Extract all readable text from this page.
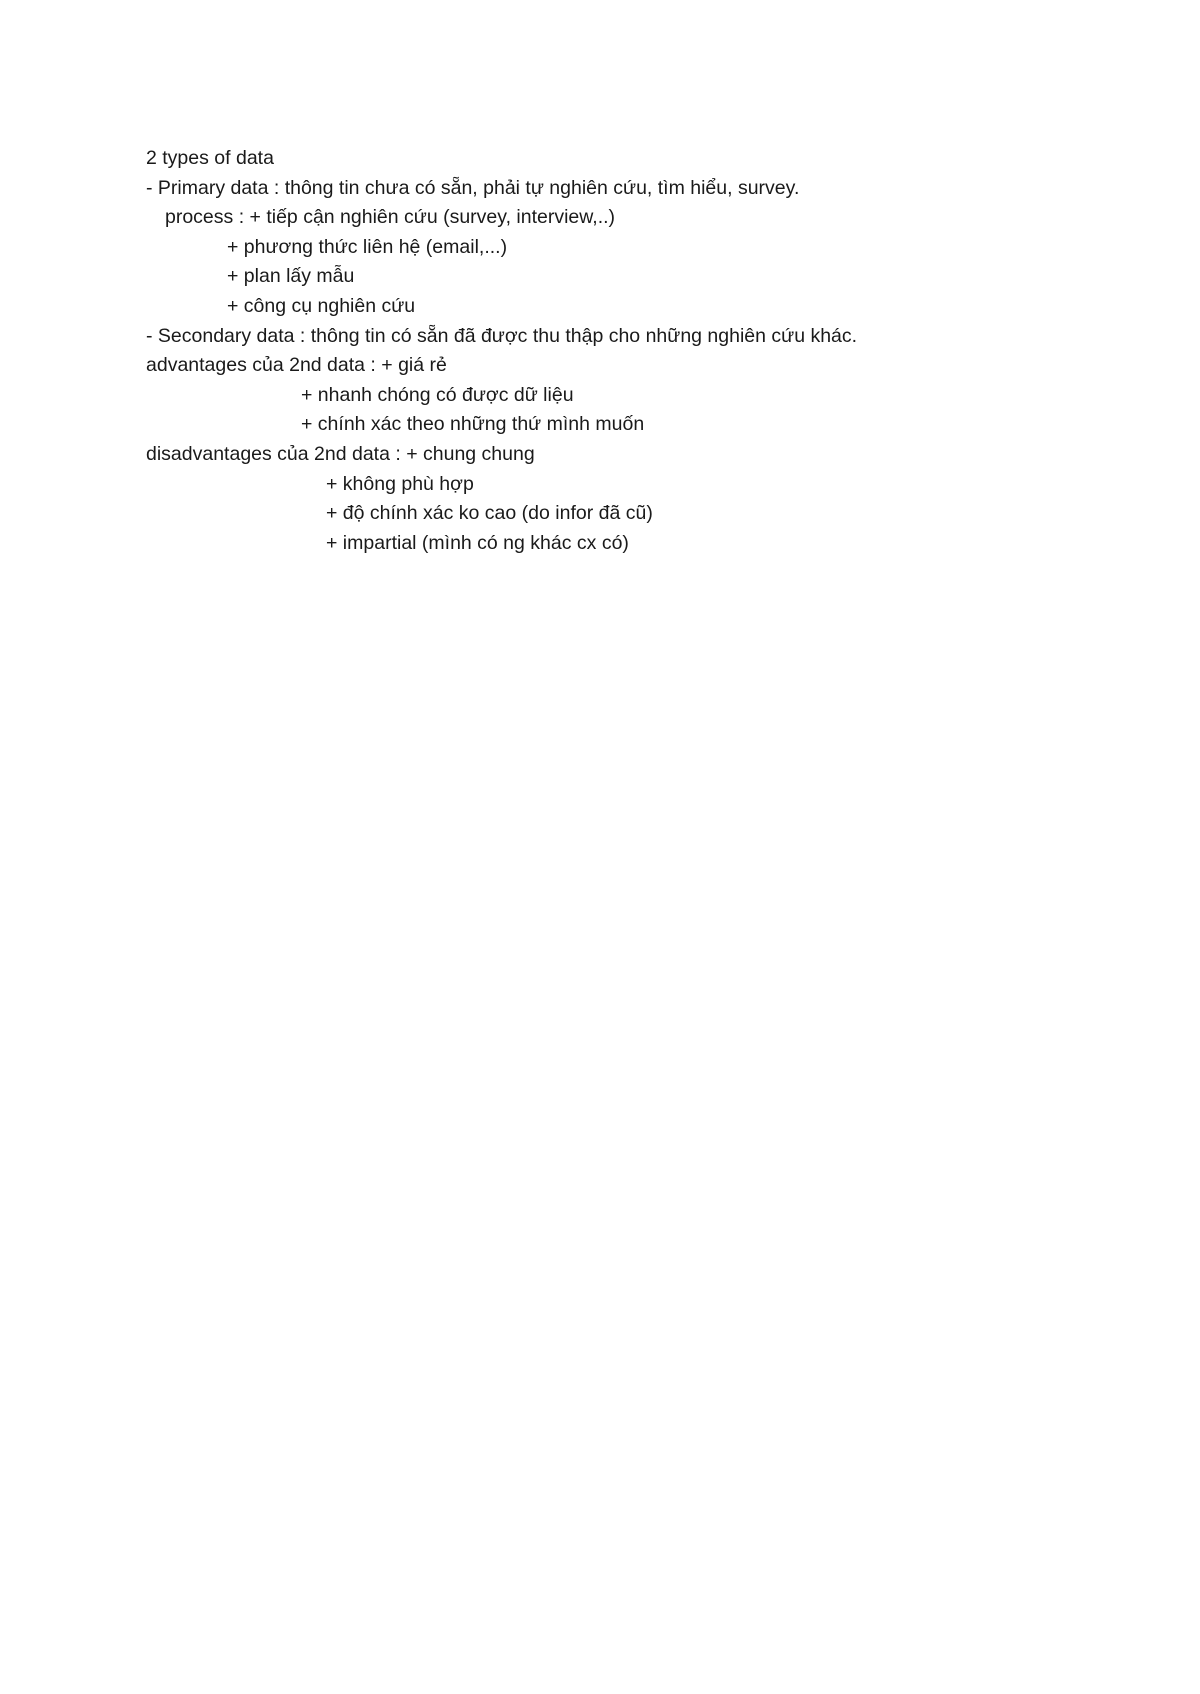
2 types of data
- Primary data : thông tin chưa có sẵn, phải tự nghiên cứu, tìm hiểu, survey.
process : + tiếp cận nghiên cứu (survey, interview,..)
+ phương thức liên hệ (email,...)
+ plan lấy mẫu
+ công cụ nghiên cứu
- Secondary data : thông tin có sẵn đã được thu thập cho những nghiên cứu khác.
advantages của 2nd data : + giá rẻ
+ nhanh chóng có được dữ liệu
+ chính xác theo những thứ mình muốn
disadvantages của 2nd data : + chung chung
+ không phù hợp
+ độ chính xác ko cao (do infor đã cũ)
+ impartial (mình có ng khác cx có)
